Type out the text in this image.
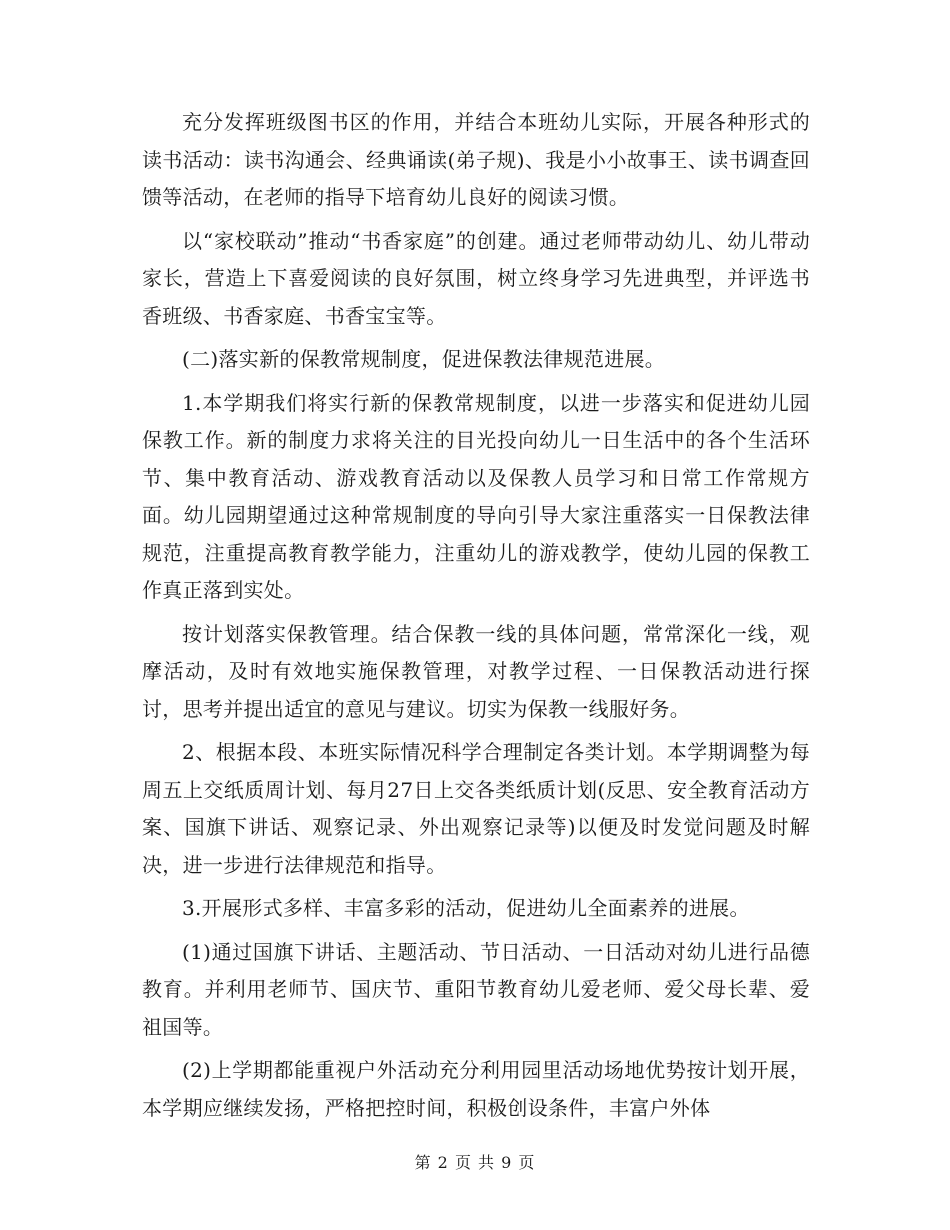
充分发挥班级图书区的作用，并结合本班幼儿实际，开展各种形式的读书活动：读书沟通会、经典诵读(弟子规)、我是小小故事王、读书调查回馈等活动，在老师的指导下培育幼儿良好的阅读习惯。

以“家校联动”推动“书香家庭”的创建。通过老师带动幼儿、幼儿带动家长，营造上下喜爱阅读的良好氛围，树立终身学习先进典型，并评选书香班级、书香家庭、书香宝宝等。

(二)落实新的保教常规制度，促进保教法律规范进展。

1.本学期我们将实行新的保教常规制度，以进一步落实和促进幼儿园保教工作。新的制度力求将关注的目光投向幼儿一日生活中的各个生活环节、集中教育活动、游戏教育活动以及保教人员学习和日常工作常规方面。幼儿园期望通过这种常规制度的导向引导大家注重落实一日保教法律规范，注重提高教育教学能力，注重幼儿的游戏教学，使幼儿园的保教工作真正落到实处。

按计划落实保教管理。结合保教一线的具体问题，常常深化一线，观摩活动，及时有效地实施保教管理，对教学过程、一日保教活动进行探讨，思考并提出适宜的意见与建议。切实为保教一线服好务。

2、根据本段、本班实际情况科学合理制定各类计划。本学期调整为每周五上交纸质周计划、每月27日上交各类纸质计划(反思、安全教育活动方案、国旗下讲话、观察记录、外出观察记录等)以便及时发觉问题及时解决，进一步进行法律规范和指导。

3.开展形式多样、丰富多彩的活动，促进幼儿全面素养的进展。

(1)通过国旗下讲话、主题活动、节日活动、一日活动对幼儿进行品德教育。并利用老师节、国庆节、重阳节教育幼儿爱老师、爱父母长辈、爱祖国等。

(2)上学期都能重视户外活动充分利用园里活动场地优势按计划开展，本学期应继续发扬，严格把控时间，积极创设条件，丰富户外体

第 2 页 共 9 页
